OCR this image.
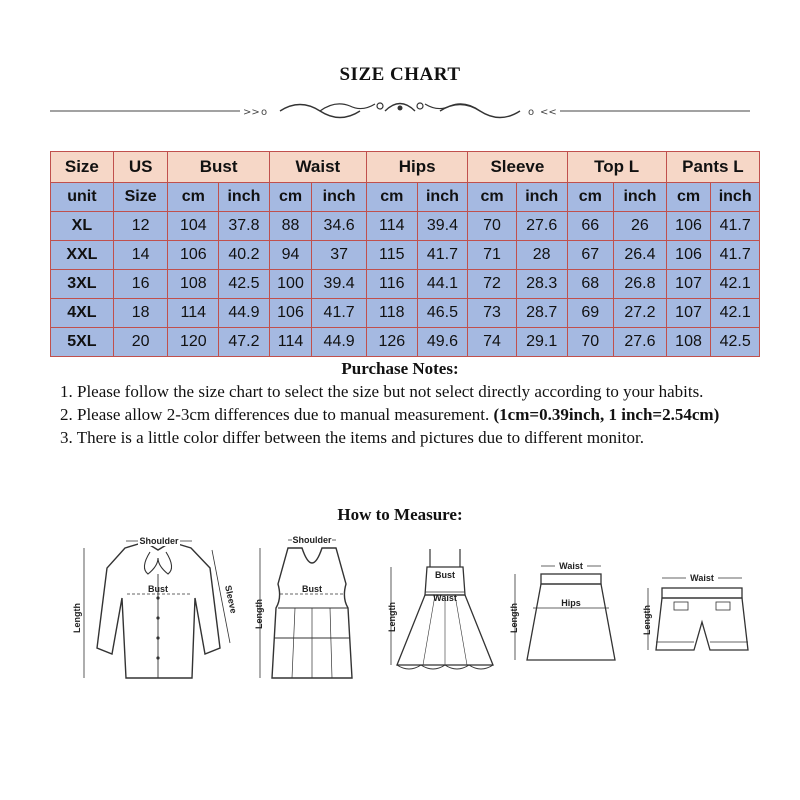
SIZE CHART
>> o	o <<
Size	US	Bust		Waist		Hips		Sleeve		Top L		Pants L	
unit	Size	cm	inch	cm	inch	cm	inch	cm	inch	cm	inch	cm	inch
XL	12	104	37.8	88	34.6	114	39.4	70	27.6	66	26	106	41.7
XXL	14	106	40.2	94	37	115	41.7	71	28	67	26.4	106	41.7
3XL	16	108	42.5	100	39.4	116	44.1	72	28.3	68	26.8	107	42.1
4XL	18	114	44.9	106	41.7	118	46.5	73	28.7	69	27.2	107	42.1
5XL	20	120	47.2	114	44.9	126	49.6	74	29.1	70	27.6	108	42.5
Purchase Notes:

1. Please follow the size chart to select the size but not select directly according to your habits.

2. Please allow 2-3cm differences due to manual measurement. (1cm=0.39inch, 1 inch=2.54cm)

3. There is a little color differ between the items and pictures due to different monitor.

How to Measure:
Shoulder
Bust
Length
Sleeve
Shoulder
Bust
Length
Bust
Waist
Length
Waist
Hips
Length
Waist
Length
